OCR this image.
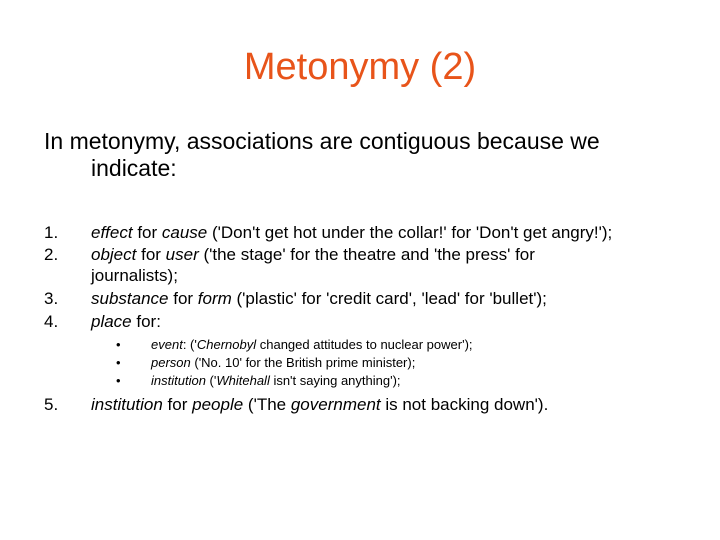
Metonymy (2)
In metonymy, associations are contiguous because we
indicate:
1.	effect for cause ('Don't get hot under the collar!' for 'Don't get angry!');
2.	object for user ('the stage' for the theatre and 'the press' for
journalists);
3.	substance for form ('plastic' for 'credit card', 'lead' for 'bullet');
4.	place for:
• event: ('Chernobyl changed attitudes to nuclear power');
• person ('No. 10' for the British prime minister);
• institution ('Whitehall isn't saying anything');
5.	institution for people ('The government is not backing down').
